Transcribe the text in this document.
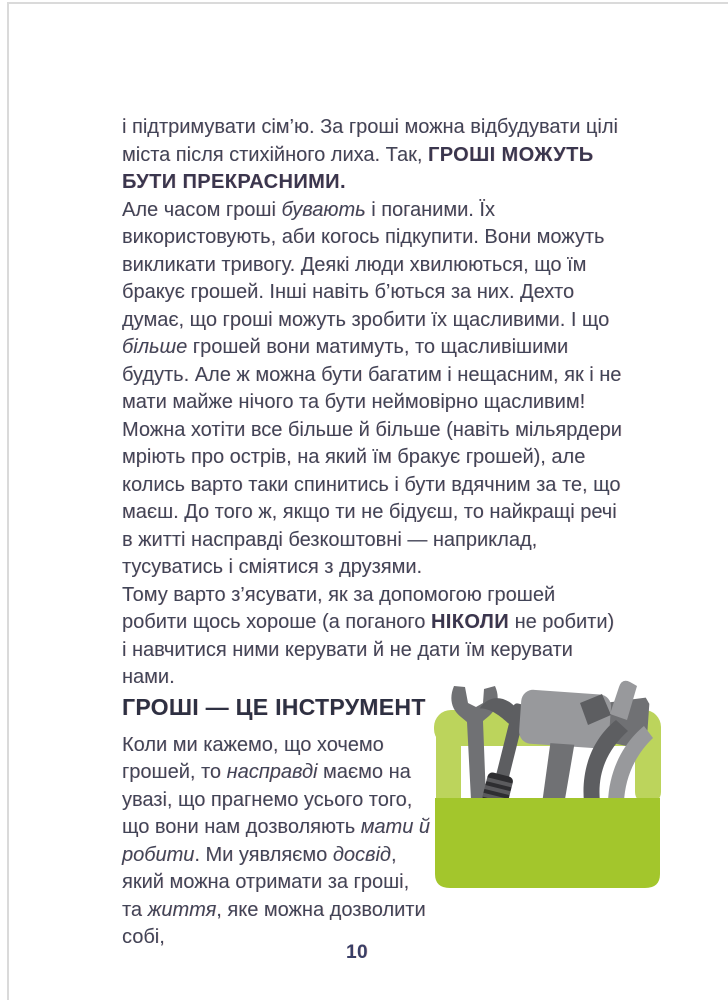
і підтримувати сім’ю. За гроші можна відбудувати цілі міста після стихійного лиха. Так, ГРОШІ МОЖУТЬ БУТИ ПРЕКРАСНИМИ.

Але часом гроші бувають і поганими. Їх використовують, аби когось підкупити. Вони можуть викликати тривогу. Деякі люди хвилюються, що їм бракує грошей. Інші навіть б’ються за них. Дехто думає, що гроші можуть зробити їх щасливими. І що більше грошей вони матимуть, то щасливішими будуть. Але ж можна бути багатим і нещасним, як і не мати майже нічого та бути неймовірно щасливим! Можна хотіти все більше й більше (навіть мільярдери мріють про острів, на який їм бракує грошей), але колись варто таки спинитись і бути вдячним за те, що маєш. До того ж, якщо ти не бідуєш, то найкращі речі в житті насправді безкоштовні — наприклад, тусуватись і сміятися з друзями.

Тому варто з’ясувати, як за допомогою грошей робити щось хороше (а поганого НІКОЛИ не робити) і навчитися ними керувати й не дати їм керувати нами.

ГРОШІ — ЦЕ ІНСТРУМЕНТ

Коли ми кажемо, що хочемо грошей, то насправді маємо на увазі, що прагнемо усього того, що вони нам дозволяють мати й робити. Ми уявляємо досвід, який можна отримати за гроші, та життя, яке можна дозволити собі,

10
